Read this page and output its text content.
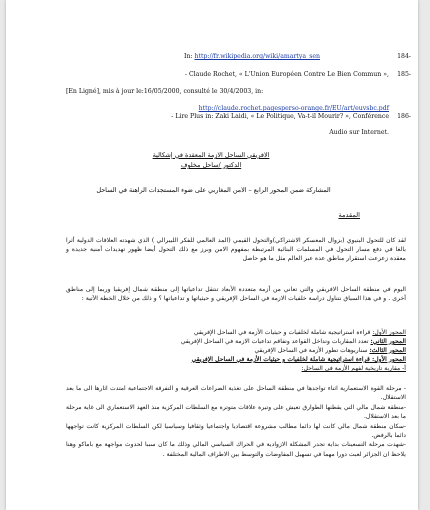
184-
In: http://fr.wikipedia.org/wiki/amartya_sen
185-
- Claude Rochet, « L'Union Européen Contre Le Bien Commun »,
[En Ligné], mis à jour le:16/05/2000, consulté le 30/4/2003, in:
http://claude.rochet.pagesperso-orange.fr/EU/art/euvsbc.pdf
186-
- Lire Plus in: Zaki Laidi, « Le Politique, Va-t-il Mourir? », Conférence
Audio sur Internet.
الافريقي الساحل الازمة المعقدة في إشكالية
الدكتور /ساحل مخلوف
المشاركة ضمن المحور الرابع – الامن المغاربي على ضوء المستجدات الراهنة في الساحل
المقدمة
لقد كان للتحول البنيوي (بزوال المعسكر الاشتراكي)والتحول القيمي (المد العالمي للفكر الليبرالي ) الذي شهدته العلاقات الدولية أثرا بالغا في دفع مسار التحول في المسلمات البنائية المرتبطة بمفهوم الامن وبرز مع ذلك التحول أيضا ظهور تهديدات أمنية جديدة و معقدة زعزعت استقرار مناطق عدة عبر العالم مثل ما هو حاصل
اليوم في منطقة الساحل الافريقي والتي تعاني من أزمة متعددة الأبعاد تنتقل تداعياتها إلى منطقة شمال إفريقيا وربما إلى مناطق أخرى . و في هذا السياق نتناول دراسة خلفيات الازمة في الساحل الإفريقي و حيثياتها و تداعياتها ؟ و ذلك من خلال الخطة الآتية :
المحور الأول: قراءة استراتيجية شاملة لخلفيات و حيثيات الأزمة في الساحل الإفريقي
المحور الثاني: تعدد المقاربات وتداخل القواعد وتفاقم تداعيات الازمة في الساحل الإفريقي
المحور الثالث: سناريوهات تطور الأزمة في الساحل الإفريقي
المحور الأول: قراءة استراتيجية شاملة لخلفيات و حيثيات الأزمة في الساحل الإفريقي
أ- مقاربة تاريخية لفهم الأزمة في الساحل:
- مرحلة القوة الاستعمارية اثناء تواجدها في منطقة الساحل على تغذية الصراعات العرقية و التفرقة الاجتماعية امتدت اثارها الى ما بعد الاستقلال.
-منطقة شمال مالي التي يقطنها الطوارق تعيش على وتيرة علاقات متوترة مع السلطات المركزية منذ العهد الاستعماري الى غاية مرحلة ما بعد الاستقلال.
-سكان منطقة شمال مالي كانت لها دائما مطالب مشروعة اقتصاديا واجتماعيا وثقافيا وسياسيا لكن السلطات المركزية كانت تواجهها دائما بالرفض.
-شهدت مرحلة التسعينات بداية تجدر المشكلة الازوادية في الحراك السياسي المالي وذلك ما كان سببا لحدوث مواجهة مع باماكو وهنا يلاحظ ان الجزائر لعبت دورا مهما في تسهيل المفاوضات والتوسط بين الاطراف المالية المختلفة .
